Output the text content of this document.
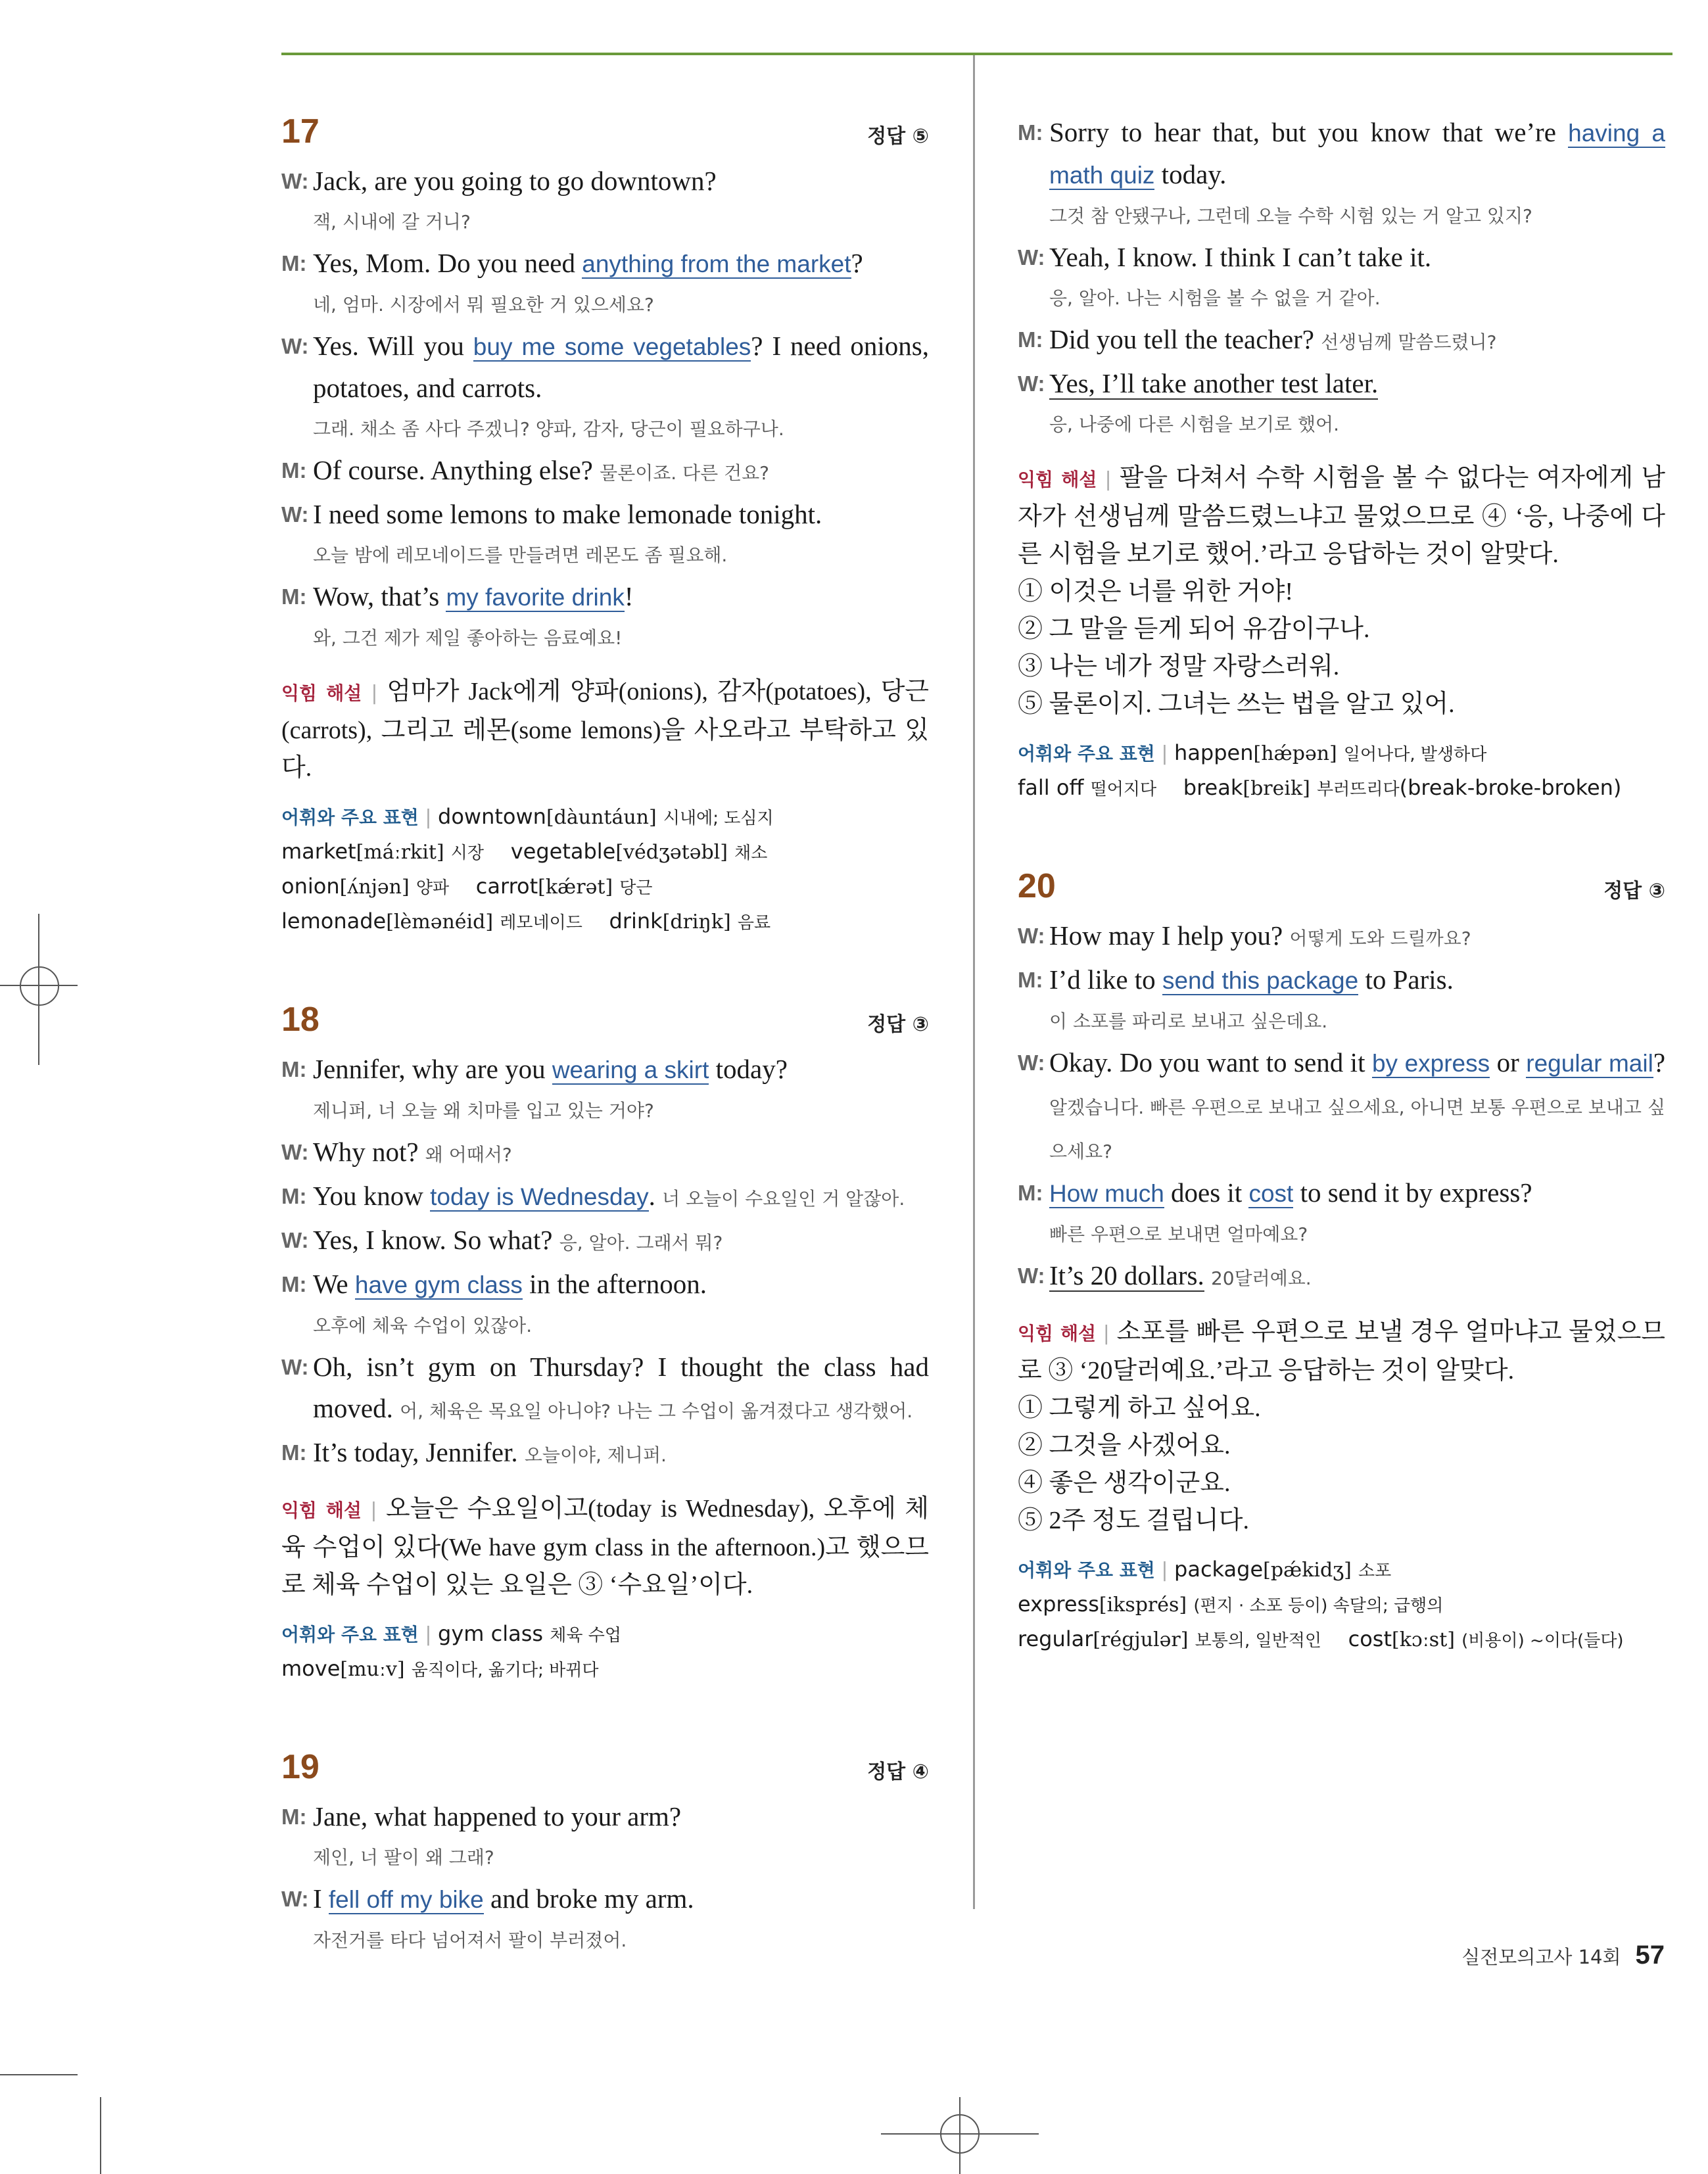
17	정답 ⑤
W: Jack, are you going to go downtown?
잭, 시내에 갈 거니?
M: Yes, Mom. Do you need anything from the market?
네, 엄마. 시장에서 뭐 필요한 거 있으세요?
W: Yes. Will you buy me some vegetables? I need onions, potatoes, and carrots.
그래. 채소 좀 사다 주겠니? 양파, 감자, 당근이 필요하구나.
M: Of course. Anything else? 물론이죠. 다른 건요?
W: I need some lemons to make lemonade tonight.
오늘 밤에 레모네이드를 만들려면 레몬도 좀 필요해.
M: Wow, that’s my favorite drink!
와, 그건 제가 제일 좋아하는 음료예요!
익힘 해설 | 엄마가 Jack에게 양파(onions), 감자(potatoes), 당근(carrots), 그리고 레몬(some lemons)을 사오라고 부탁하고 있다.
어휘와 주요 표현 | downtown[dàuntáun] 시내에; 도심지
market[máːrkit] 시장 vegetable[védʒətəbl] 채소
onion[ʌ́njən] 양파 carrot[kǽrət] 당근
lemonade[lèmənéid] 레모네이드 drink[driŋk] 음료
18	정답 ③
M: Jennifer, why are you wearing a skirt today?
제니퍼, 너 오늘 왜 치마를 입고 있는 거야?
W: Why not? 왜 어때서?
M: You know today is Wednesday. 너 오늘이 수요일인 거 알잖아.
W: Yes, I know. So what? 응, 알아. 그래서 뭐?
M: We have gym class in the afternoon.
오후에 체육 수업이 있잖아.
W: Oh, isn’t gym on Thursday? I thought the class had moved. 어, 체육은 목요일 아니야? 나는 그 수업이 옮겨졌다고 생각했어.
M: It’s today, Jennifer. 오늘이야, 제니퍼.
익힘 해설 | 오늘은 수요일이고(today is Wednesday), 오후에 체육 수업이 있다(We have gym class in the afternoon.)고 했으므로 체육 수업이 있는 요일은 ③ ‘수요일’이다.
어휘와 주요 표현 | gym class 체육 수업
move[muːv] 움직이다, 옮기다; 바뀌다
19	정답 ④
M: Jane, what happened to your arm?
제인, 너 팔이 왜 그래?
W: I fell off my bike and broke my arm.
자전거를 타다 넘어져서 팔이 부러졌어.
M: Sorry to hear that, but you know that we’re having a math quiz today.
그것 참 안됐구나, 그런데 오늘 수학 시험 있는 거 알고 있지?
W: Yeah, I know. I think I can’t take it.
응, 알아. 나는 시험을 볼 수 없을 거 같아.
M: Did you tell the teacher? 선생님께 말씀드렸니?
W: Yes, I’ll take another test later.
응, 나중에 다른 시험을 보기로 했어.
익힘 해설 | 팔을 다쳐서 수학 시험을 볼 수 없다는 여자에게 남자가 선생님께 말씀드렸느냐고 물었으므로 ④ ‘응, 나중에 다른 시험을 보기로 했어.’라고 응답하는 것이 알맞다.
① 이것은 너를 위한 거야!
② 그 말을 듣게 되어 유감이구나.
③ 나는 네가 정말 자랑스러워.
⑤ 물론이지. 그녀는 쓰는 법을 알고 있어.
어휘와 주요 표현 | happen[hǽpən] 일어나다, 발생하다
fall off 떨어지다 break[breik] 부러뜨리다(break-broke-broken)
20	정답 ③
W: How may I help you? 어떻게 도와 드릴까요?
M: I’d like to send this package to Paris.
이 소포를 파리로 보내고 싶은데요.
W: Okay. Do you want to send it by express or regular mail? 알겠습니다. 빠른 우편으로 보내고 싶으세요, 아니면 보통 우편으로 보내고 싶으세요?
M: How much does it cost to send it by express?
빠른 우편으로 보내면 얼마예요?
W: It’s 20 dollars. 20달러예요.
익힘 해설 | 소포를 빠른 우편으로 보낼 경우 얼마냐고 물었으므로 ③ ‘20달러예요.’라고 응답하는 것이 알맞다.
① 그렇게 하고 싶어요.
② 그것을 사겠어요.
④ 좋은 생각이군요.
⑤ 2주 정도 걸립니다.
어휘와 주요 표현 | package[pǽkidʒ] 소포
express[iksprés] (편지 · 소포 등이) 속달의; 급행의
regular[régjulər] 보통의, 일반적인 cost[kɔːst] (비용이) ~이다(들다)
실전모의고사 14회 57
